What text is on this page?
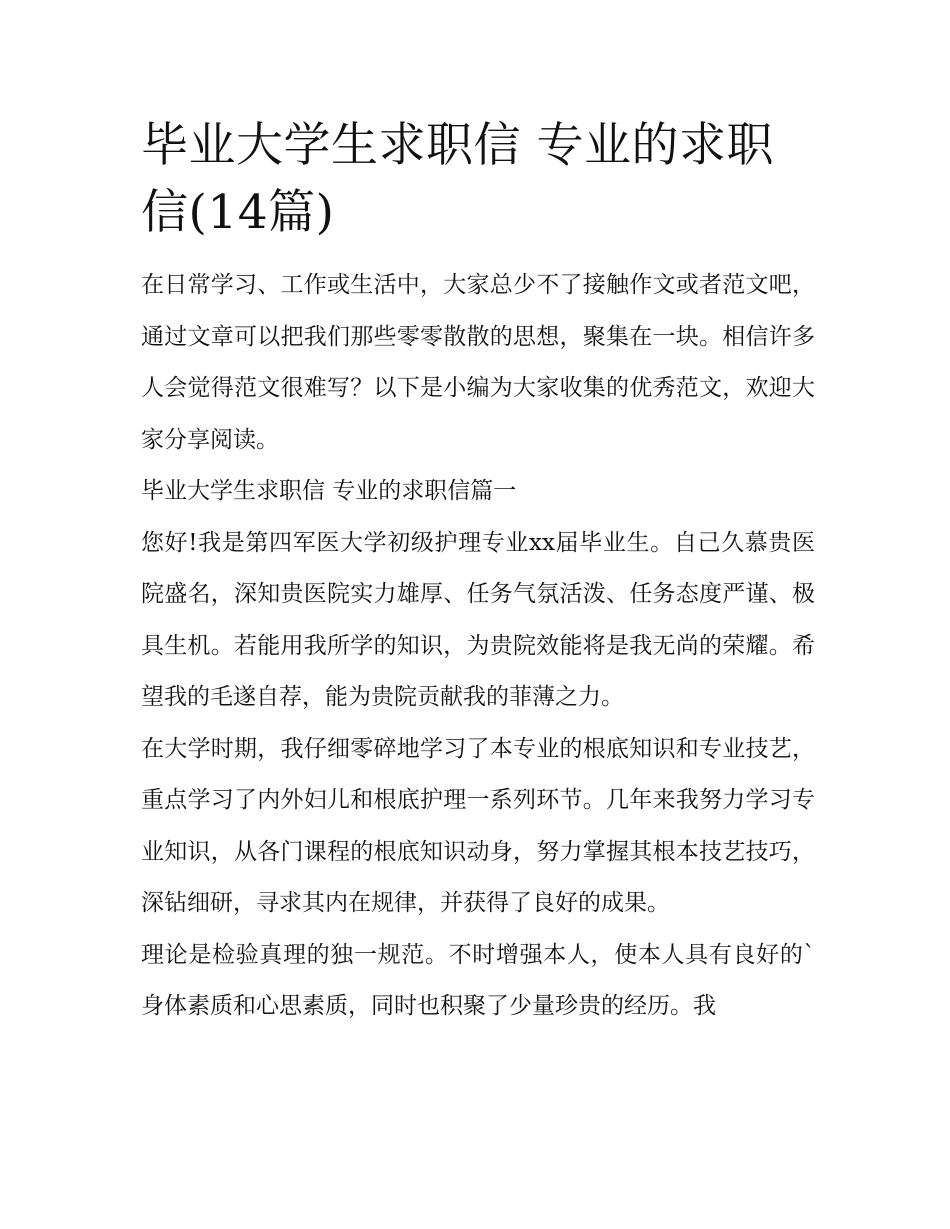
毕业大学生求职信 专业的求职信(14篇)

在日常学习、工作或生活中，大家总少不了接触作文或者范文吧，通过文章可以把我们那些零零散散的思想，聚集在一块。相信许多人会觉得范文很难写？以下是小编为大家收集的优秀范文，欢迎大家分享阅读。

毕业大学生求职信 专业的求职信篇一

您好!我是第四军医大学初级护理专业xx届毕业生。自己久慕贵医院盛名，深知贵医院实力雄厚、任务气氛活泼、任务态度严谨、极具生机。若能用我所学的知识，为贵院效能将是我无尚的荣耀。希望我的毛遂自荐，能为贵院贡献我的菲薄之力。

在大学时期，我仔细零碎地学习了本专业的根底知识和专业技艺，重点学习了内外妇儿和根底护理一系列环节。几年来我努力学习专业知识，从各门课程的根底知识动身，努力掌握其根本技艺技巧，深钻细研，寻求其内在规律，并获得了良好的成果。

理论是检验真理的独一规范。不时增强本人，使本人具有良好的`身体素质和心思素质，同时也积聚了少量珍贵的经历。我
